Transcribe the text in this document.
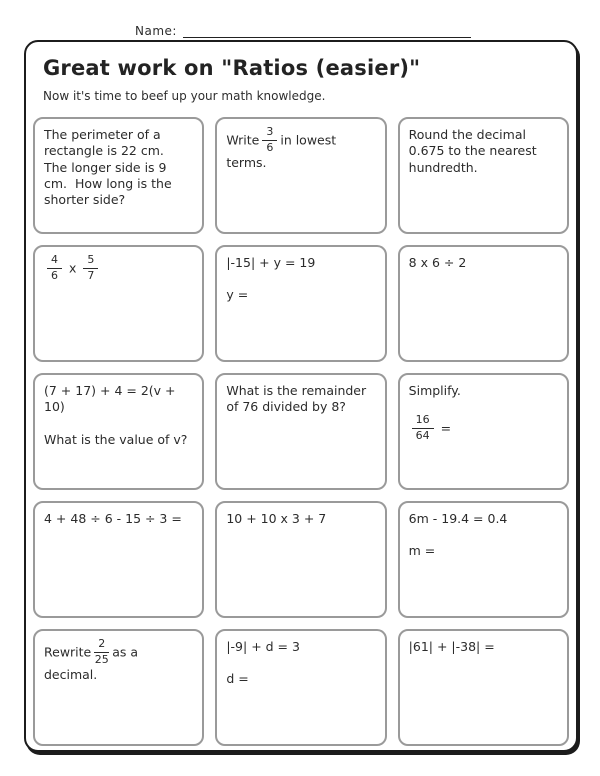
Name:
Great work on "Ratios (easier)"
Now it's time to beef up your math knowledge.
The perimeter of a rectangle is 22 cm.  The longer side is 9 cm.  How long is the shorter side?
Write $\frac{3}{6}$ in lowest terms.
Round the decimal 0.675 to the nearest hundredth.
$\frac{4}{6}$ x $\frac{5}{7}$	|-15| + y = 19
y =
8 x 6 ÷ 2
(7 + 17) + 4 = 2(v + 10)
What is the value of v?
What is the remainder of 76 divided by 8?
Simplify.
$\frac{16}{64}$ =
4 + 48 ÷ 6 - 15 ÷ 3 =	10 + 10 x 3 + 7	6m - 19.4 = 0.4
m =
Rewrite $\frac{2}{25}$ as a decimal.
|-9| + d = 3
d =
|61| + |-38| =
